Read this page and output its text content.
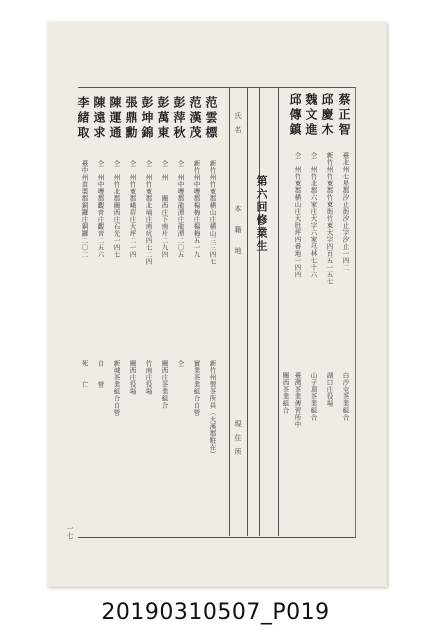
蔡正智
邱慶木
魏文進
邱傳鎮
臺北州七星郡汐止街汐止字汐止一四二
新竹州竹東郡竹東街竹東大字四百五一五七
仝　州竹北郡六家庄大字六家芎林七十六
仝　州竹東郡横山庄大肚坪四番地一四四
白沙屯茶業組合
湖口庄役場
山子頂茶業組合
臺灣茶業傳習所中
關西茶業組合
第六回修業生
氏　名
本　　籍　　地
現　住　所
范雲標
范漢茂
彭萍秋
彭萬東
彭坤錦
張鼎勳
陳運通
陳遠求
李緒取
新竹州竹東郡横山庄横山三三四七
新竹州中壢郡楊梅庄楊梅五一九
仝　州中壢郡龍潭庄龍潭二〇五
仝　州　　關西庄下南片二九四
仝　州竹東郡北埔庄南坑四七二四
仝　州竹東郡峨眉庄大坪二一四
仝　州竹北郡關西庄石光一四七
仝　州中壢郡觀音庄觀音二五六
臺中州苗栗郡銅鑼庄銅鑼二〇二
新竹州製茶所員（大溪郡駐在）
實業茶業組合自營
仝
關西庄茶業組合
竹南庄役場
關西庄役場
新城茶業組合自營
自　　營
死　　亡
一七
20190310507_P019
